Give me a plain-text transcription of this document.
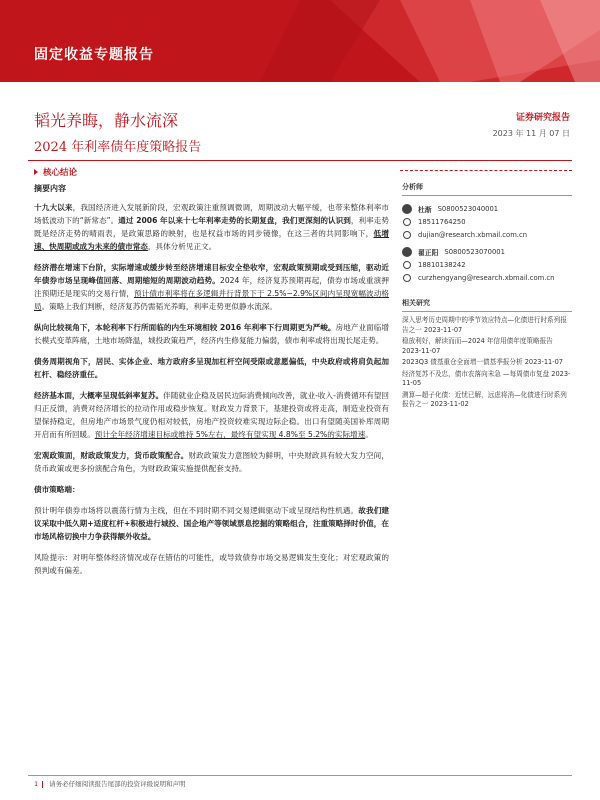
固定收益专题报告
韬光养晦，静水流深
2024 年利率债年度策略报告
证券研究报告
2023 年 11 月 07 日
核心结论
摘要内容

十九大以来，我国经济进入发展新阶段，宏观政策注重预调微调，周期波动大幅平缓，也带来整体利率市场低波动下的“新常态”。通过 2006 年以来十七年利率走势的长期复盘，我们更深刻的认识到，利率走势既是经济走势的晴雨表，是政策思路的映射，也是权益市场的同步镜像，在这三者的共同影响下，低增速、快周期或成为未来的债市常态，具体分析见正文。

经济潜在增速下台阶，实际增速或缓步转至经济增速目标安全垫收窄，宏观政策预期或受到压缩，驱动近年债券市场呈现峰值回落、周期缩短的周期波动趋势。2024 年，经济复苏预期再起，债券市场或重演押注预期还是现实的交易行情，预计债市利率将在多逻辑并行背景下于 2.5%~2.9%区间内呈现宽幅波动格局。策略上我们判断，经济复苏仍需韬光养晦，利率走势更似静水流深。

纵向比较视角下，本轮利率下行所面临的内生环境相较 2016 年利率下行周期更为严峻。房地产业面临增长模式变革阵痛，土地市场降温，城投政策趋严，经济内生修复能力偏弱，债市利率或将出现长尾走势。

债务周期视角下，居民、实体企业、地方政府多呈现加杠杆空间受限或意愿偏低，中央政府或将肩负起加杠杆、稳经济重任。

经济基本面，大概率呈现低斜率复苏。伴随就业企稳及居民边际消费倾向改善，就业-收入-消费循环有望回归正反馈，消费对经济增长的拉动作用或稳步恢复。财政发力背景下，基建投资或将走高，制造业投资有望保持稳定，但房地产市场景气度仍相对较低，房地产投资较难实现边际企稳。出口有望随美国补库周期开启而有所回暖。预计全年经济增速目标或维持 5%左右，最终有望实现 4.8%至 5.2%的实际增速。

宏观政策面，财政政策发力，货币政策配合。财政政策发力意图较为鲜明，中央财政具有较大发力空间，货币政策或更多扮演配合角色，为财政政策实施提供配套支持。

债市策略端：

预计明年债券市场将以震荡行情为主线，但在不同时期不同交易逻辑驱动下或呈现结构性机遇。故我们建议采取中低久期+适度杠杆+积极进行城投、国企地产等领域票息挖掘的策略组合，注重策略择时价值，在市场风格切换中力争获得额外收益。

风险提示：对明年整体经济情况或存在错估的可能性，或导致债券市场交易逻辑发生变化；对宏观政策的预判或有偏差。

分析师
杜渐 S0800523040001
18511764250
dujian@research.xbmail.com.cn
翟正阳 S0800523070001
18810138242
curzhengyang@research.xbmail.com.cn
相关研究
深入思考历史周期中的季节效应特点—化债进行时系列报告之一 2023-11-07
稳放利好，解读而而—2024 年信用债年度策略报告 2023-11-07
2023Q3 债基重仓全面增一债基季报分析 2023-11-07
经济复苏不及忠，债市农落向未急 —每周债市复盘 2023-11-05
测算—超子化债：近忧已解，远虑将消—化债进行时系列报告之一 2023-11-02
1 请务必仔细阅读报告尾部的投资评级说明和声明
